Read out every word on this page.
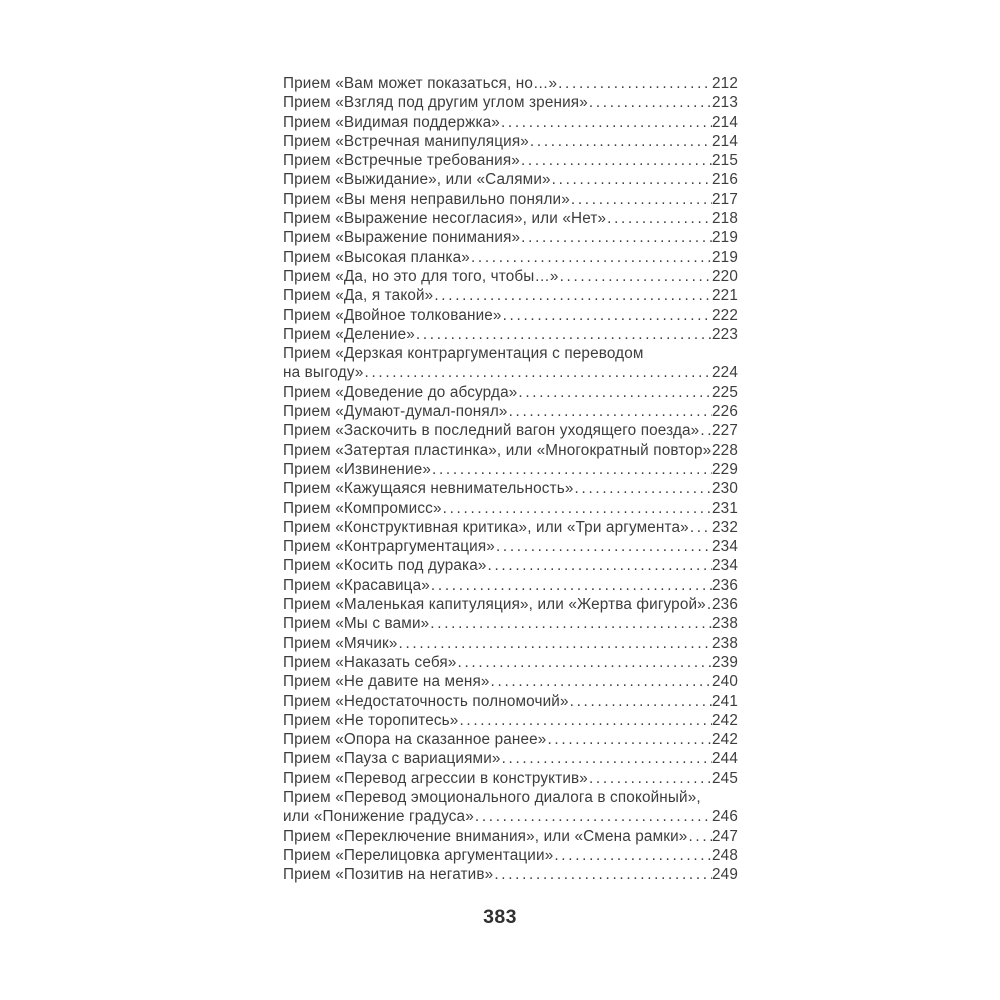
Прием «Вам может показаться, но…» .....	212
Прием «Взгляд под другим углом зрения» .....	213
Прием «Видимая поддержка» .....	214
Прием «Встречная манипуляция» .....	214
Прием «Встречные требования» .....	215
Прием «Выжидание», или «Салями» .....	216
Прием «Вы меня неправильно поняли» .....	217
Прием «Выражение несогласия», или «Нет» .....	218
Прием «Выражение понимания» .....	219
Прием «Высокая планка» .....	219
Прием «Да, но это для того, чтобы…» .....	220
Прием «Да, я такой» .....	221
Прием «Двойное толкование» .....	222
Прием «Деление» .....	223
Прием «Дерзкая контраргументация с переводом
на выгоду» .....	224
Прием «Доведение до абсурда» .....	225
Прием «Думают-думал-понял» .....	226
Прием «Заскочить в последний вагон уходящего поезда» ..... 227
Прием «Затертая пластинка», или «Многократный повтор» ..... 228
Прием «Извинение» .....	229
Прием «Кажущаяся невнимательность» .....	230
Прием «Компромисс» .....	231
Прием «Конструктивная критика», или «Три аргумента» ..... 232
Прием «Контраргументация» .....	234
Прием «Косить под дурака» .....	234
Прием «Красавица» .....	236
Прием «Маленькая капитуляция», или «Жертва фигурой» ..... 236
Прием «Мы с вами» .....	238
Прием «Мячик» .....	238
Прием «Наказать себя» .....	239
Прием «Не давите на меня» .....	240
Прием «Недостаточность полномочий» .....	241
Прием «Не торопитесь» .....	242
Прием «Опора на сказанное ранее» .....	242
Прием «Пауза с вариациями» .....	244
Прием «Перевод агрессии в конструктив» .....	245
Прием «Перевод эмоционального диалога в спокойный»,
или «Понижение градуса» .....	246
Прием «Переключение внимания», или «Смена рамки» ..... 247
Прием «Перелицовка аргументации» .....	248
Прием «Позитив на негатив» .....	249
383
